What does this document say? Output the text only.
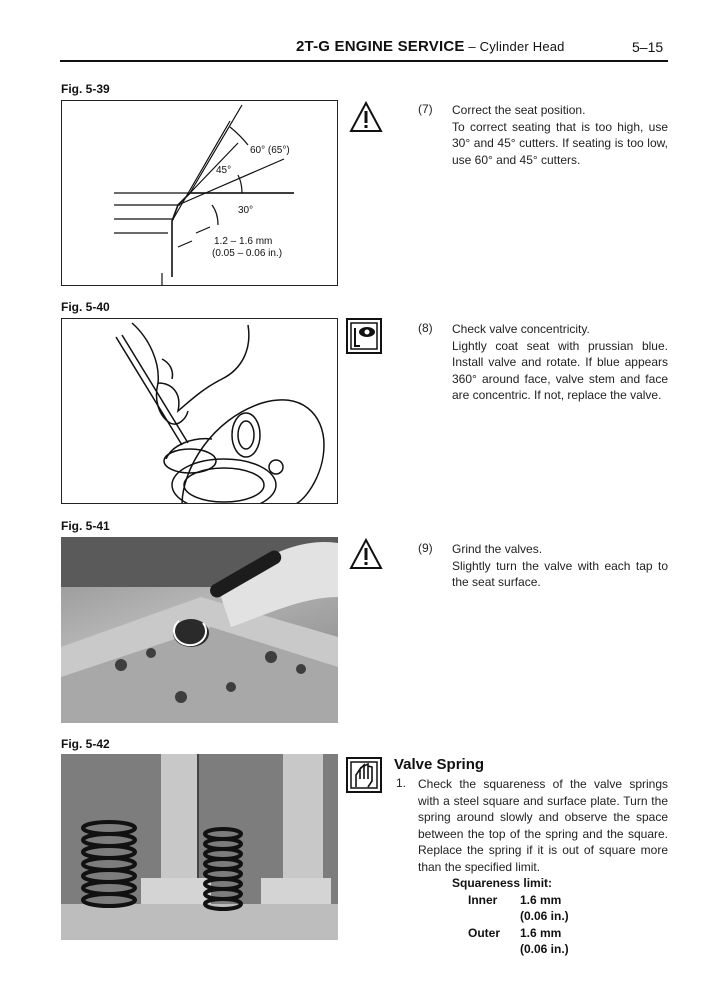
2T-G ENGINE SERVICE – Cylinder Head	5–15
Fig. 5-39
60° (65°)
45°
30°
1.2 – 1.6 mm
(0.05 – 0.06 in.)
Fig. 5-40
Fig. 5-41
Fig. 5-42
(7) Correct the seat position.

To correct seating that is too high, use 30° and 45° cutters. If seating is too low, use 60° and 45° cutters.

(8) Check valve concentricity.

Lightly coat seat with prussian blue. Install valve and rotate. If blue appears 360° around face, valve stem and face are concentric. If not, replace the valve.

(9) Grind the valves.

Slightly turn the valve with each tap to the seat surface.

Valve Spring
1. Check the squareness of the valve springs with a steel square and surface plate. Turn the spring around slowly and observe the space between the top of the spring and the square. Replace the spring if it is out of square more than the specified limit.
Squareness limit:
Inner 1.6 mm
(0.06 in.)
Outer 1.6 mm
(0.06 in.)
